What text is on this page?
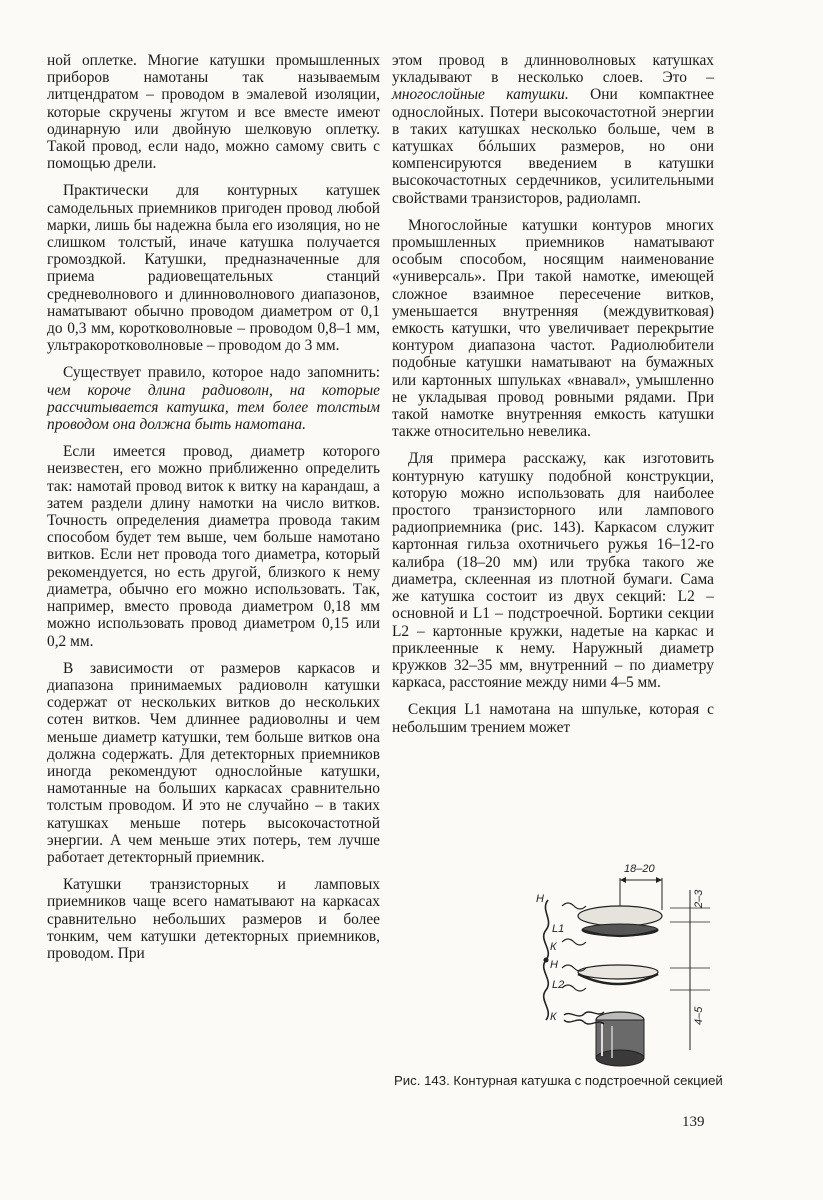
ной оплетке. Многие катушки промышленных приборов намотаны так называемым литцендратом – проводом в эмалевой изоляции, которые скручены жгутом и все вместе имеют одинарную или двойную шелковую оплетку. Такой провод, если надо, можно самому свить с помощью дрели.

Практически для контурных катушек самодельных приемников пригоден провод любой марки, лишь бы надежна была его изоляция, но не слишком толстый, иначе катушка получается громоздкой. Катушки, предназначенные для приема радиовещательных станций средневолнового и длинноволнового диапазонов, наматывают обычно проводом диаметром от 0,1 до 0,3 мм, коротковолновые – проводом 0,8–1 мм, ультракоротковолновые – проводом до 3 мм.

Существует правило, которое надо запомнить: чем короче длина радиоволн, на которые рассчитывается катушка, тем более толстым проводом она должна быть намотана.

Если имеется провод, диаметр которого неизвестен, его можно приближенно определить так: намотай провод виток к витку на карандаш, а затем раздели длину намотки на число витков. Точность определения диаметра провода таким способом будет тем выше, чем больше намотано витков. Если нет провода того диаметра, который рекомендуется, но есть другой, близкого к нему диаметра, обычно его можно использовать. Так, например, вместо провода диаметром 0,18 мм можно использовать провод диаметром 0,15 или 0,2 мм.

В зависимости от размеров каркасов и диапазона принимаемых радиоволн катушки содержат от нескольких витков до нескольких сотен витков. Чем длиннее радиоволны и чем меньше диаметр катушки, тем больше витков она должна содержать. Для детекторных приемников иногда рекомендуют однослойные катушки, намотанные на больших каркасах сравнительно толстым проводом. И это не случайно – в таких катушках меньше потерь высокочастотной энергии. А чем меньше этих потерь, тем лучше работает детекторный приемник.

Катушки транзисторных и ламповых приемников чаще всего наматывают на каркасах сравнительно небольших размеров и более тонким, чем катушки детекторных приемников, проводом. При

этом провод в длинноволновых катушках укладывают в несколько слоев. Это – многослойные катушки. Они компактнее однослойных. Потери высокочастотной энергии в таких катушках несколько больше, чем в катушках бóльших размеров, но они компенсируются введением в катушки высокочастотных сердечников, усилительными свойствами транзисторов, радиоламп.

Многослойные катушки контуров многих промышленных приемников наматывают особым способом, носящим наименование «универсаль». При такой намотке, имеющей сложное взаимное пересечение витков, уменьшается внутренняя (междувитковая) емкость катушки, что увеличивает перекрытие контуром диапазона частот. Радиолюбители подобные катушки наматывают на бумажных или картонных шпульках «внавал», умышленно не укладывая провод ровными рядами. При такой намотке внутренняя емкость катушки также относительно невелика.

Для примера расскажу, как изготовить контурную катушку подобной конструкции, которую можно использовать для наиболее простого транзисторного или лампового радиоприемника (рис. 143). Каркасом служит картонная гильза охотничьего ружья 16–12-го калибра (18–20 мм) или трубка такого же диаметра, склеенная из плотной бумаги. Сама же катушка состоит из двух секций: L2 – основной и L1 – подстроечной. Бортики секции L2 – картонные кружки, надетые на каркас и приклеенные к нему. Наружный диаметр кружков 32–35 мм, внутренний – по диаметру каркаса, расстояние между ними 4–5 мм.

Секция L1 намотана на шпульке, которая с небольшим трением может

18–20
2–3
4–5
Н
L1
К
Н
L2
К
Рис. 143. Контурная катушка с подстроечной секцией
139
